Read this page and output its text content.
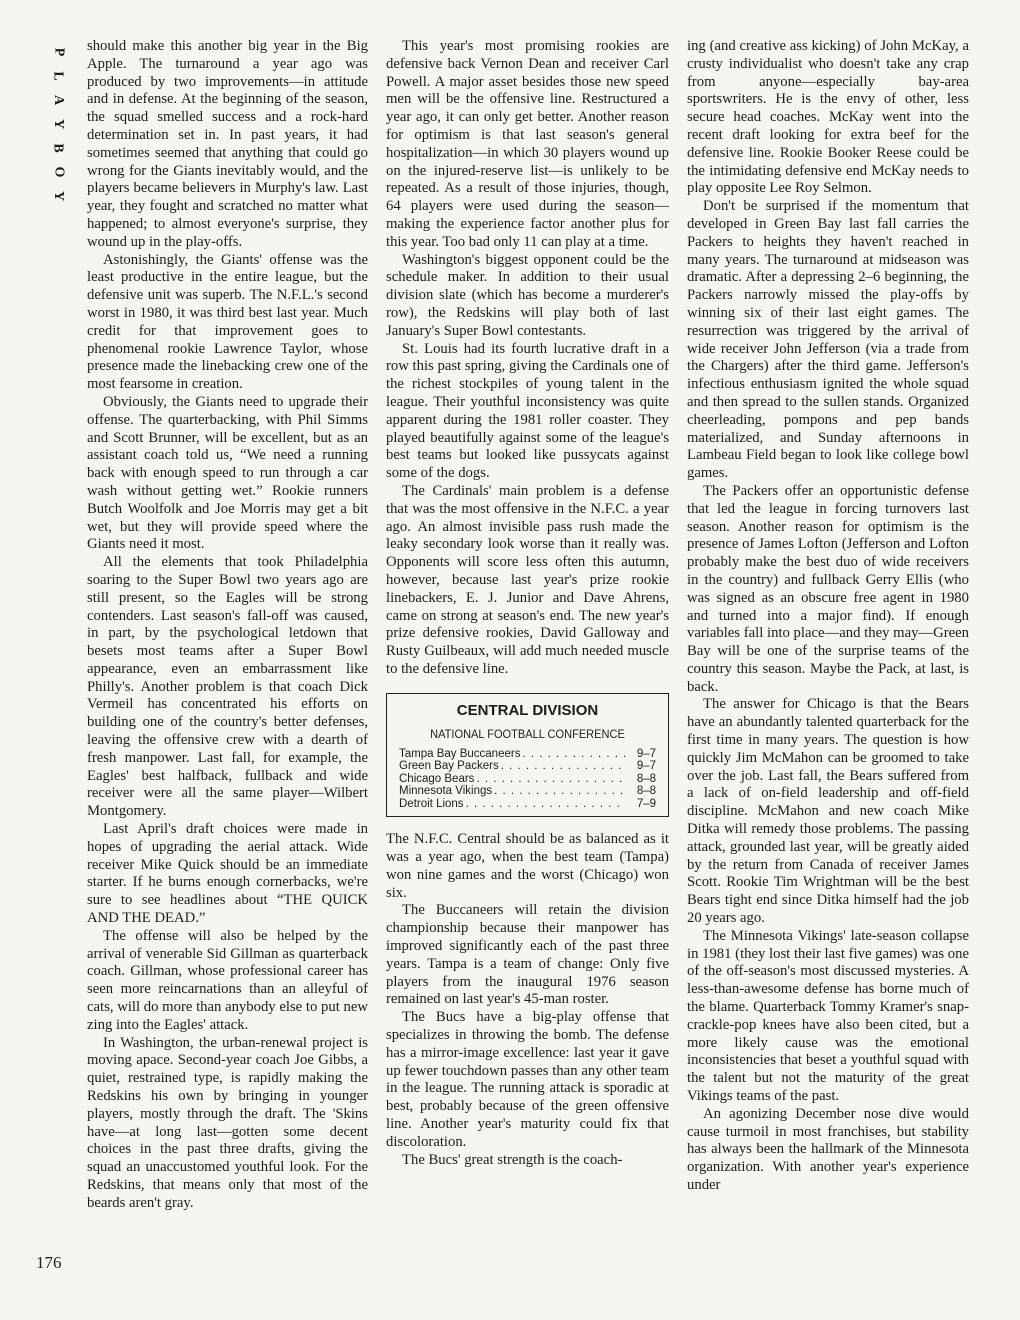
P
L
A
Y
B
O
Y
176

should make this another big year in the Big Apple. The turnaround a year ago was produced by two improvements—in attitude and in defense. At the beginning of the season, the squad smelled success and a rock-hard determination set in. In past years, it had sometimes seemed that anything that could go wrong for the Giants inevitably would, and the players became believers in Murphy's law. Last year, they fought and scratched no matter what happened; to almost everyone's surprise, they wound up in the play-offs.

Astonishingly, the Giants' offense was the least productive in the entire league, but the defensive unit was superb. The N.F.L.'s second worst in 1980, it was third best last year. Much credit for that improvement goes to phenomenal rookie Lawrence Taylor, whose presence made the linebacking crew one of the most fearsome in creation.

Obviously, the Giants need to upgrade their offense. The quarterbacking, with Phil Simms and Scott Brunner, will be excellent, but as an assistant coach told us, “We need a running back with enough speed to run through a car wash without getting wet.” Rookie runners Butch Woolfolk and Joe Morris may get a bit wet, but they will provide speed where the Giants need it most.

All the elements that took Philadelphia soaring to the Super Bowl two years ago are still present, so the Eagles will be strong contenders. Last season's fall-off was caused, in part, by the psychological letdown that besets most teams after a Super Bowl appearance, even an embarrassment like Philly's. Another problem is that coach Dick Vermeil has concentrated his efforts on building one of the country's better defenses, leaving the offensive crew with a dearth of fresh manpower. Last fall, for example, the Eagles' best halfback, fullback and wide receiver were all the same player—Wilbert Montgomery.

Last April's draft choices were made in hopes of upgrading the aerial attack. Wide receiver Mike Quick should be an immediate starter. If he burns enough cornerbacks, we're sure to see headlines about “THE QUICK AND THE DEAD.”

The offense will also be helped by the arrival of venerable Sid Gillman as quarterback coach. Gillman, whose professional career has seen more reincarnations than an alleyful of cats, will do more than anybody else to put new zing into the Eagles' attack.

In Washington, the urban-renewal project is moving apace. Second-year coach Joe Gibbs, a quiet, restrained type, is rapidly making the Redskins his own by bringing in younger players, mostly through the draft. The 'Skins have—at long last—gotten some decent choices in the past three drafts, giving the squad an unaccustomed youthful look. For the Redskins, that means only that most of the beards aren't gray.

This year's most promising rookies are defensive back Vernon Dean and receiver Carl Powell. A major asset besides those new speed men will be the offensive line. Restructured a year ago, it can only get better. Another reason for optimism is that last season's general hospitalization—in which 30 players wound up on the injured-reserve list—is unlikely to be repeated. As a result of those injuries, though, 64 players were used during the season—making the experience factor another plus for this year. Too bad only 11 can play at a time.

Washington's biggest opponent could be the schedule maker. In addition to their usual division slate (which has become a murderer's row), the Redskins will play both of last January's Super Bowl contestants.

St. Louis had its fourth lucrative draft in a row this past spring, giving the Cardinals one of the richest stockpiles of young talent in the league. Their youthful inconsistency was quite apparent during the 1981 roller coaster. They played beautifully against some of the league's best teams but looked like pussycats against some of the dogs.

The Cardinals' main problem is a defense that was the most offensive in the N.F.C. a year ago. An almost invisible pass rush made the leaky secondary look worse than it really was. Opponents will score less often this autumn, however, because last year's prize rookie linebackers, E. J. Junior and Dave Ahrens, came on strong at season's end. The new year's prize defensive rookies, David Galloway and Rusty Guilbeaux, will add much needed muscle to the defensive line.

CENTRAL DIVISION
NATIONAL FOOTBALL CONFERENCE
Tampa Bay Buccaneers . . .	9–7
Green Bay Packers . . .	9–7
Chicago Bears . . .	8–8
Minnesota Vikings . . .	8–8
Detroit Lions . . .	7–9

The N.F.C. Central should be as balanced as it was a year ago, when the best team (Tampa) won nine games and the worst (Chicago) won six.

The Buccaneers will retain the division championship because their manpower has improved significantly each of the past three years. Tampa is a team of change: Only five players from the inaugural 1976 season remained on last year's 45-man roster.

The Bucs have a big-play offense that specializes in throwing the bomb. The defense has a mirror-image excellence: last year it gave up fewer touchdown passes than any other team in the league. The running attack is sporadic at best, probably because of the green offensive line. Another year's maturity could fix that discoloration.

The Bucs' great strength is the coach-

ing (and creative ass kicking) of John McKay, a crusty individualist who doesn't take any crap from anyone—especially bay-area sportswriters. He is the envy of other, less secure head coaches. McKay went into the recent draft looking for extra beef for the defensive line. Rookie Booker Reese could be the intimidating defensive end McKay needs to play opposite Lee Roy Selmon.

Don't be surprised if the momentum that developed in Green Bay last fall carries the Packers to heights they haven't reached in many years. The turnaround at midseason was dramatic. After a depressing 2–6 beginning, the Packers narrowly missed the play-offs by winning six of their last eight games. The resurrection was triggered by the arrival of wide receiver John Jefferson (via a trade from the Chargers) after the third game. Jefferson's infectious enthusiasm ignited the whole squad and then spread to the sullen stands. Organized cheerleading, pompons and pep bands materialized, and Sunday afternoons in Lambeau Field began to look like college bowl games.

The Packers offer an opportunistic defense that led the league in forcing turnovers last season. Another reason for optimism is the presence of James Lofton (Jefferson and Lofton probably make the best duo of wide receivers in the country) and fullback Gerry Ellis (who was signed as an obscure free agent in 1980 and turned into a major find). If enough variables fall into place—and they may—Green Bay will be one of the surprise teams of the country this season. Maybe the Pack, at last, is back.

The answer for Chicago is that the Bears have an abundantly talented quarterback for the first time in many years. The question is how quickly Jim McMahon can be groomed to take over the job. Last fall, the Bears suffered from a lack of on-field leadership and off-field discipline. McMahon and new coach Mike Ditka will remedy those problems. The passing attack, grounded last year, will be greatly aided by the return from Canada of receiver James Scott. Rookie Tim Wrightman will be the best Bears tight end since Ditka himself had the job 20 years ago.

The Minnesota Vikings' late-season collapse in 1981 (they lost their last five games) was one of the off-season's most discussed mysteries. A less-than-awesome defense has borne much of the blame. Quarterback Tommy Kramer's snap-crackle-pop knees have also been cited, but a more likely cause was the emotional inconsistencies that beset a youthful squad with the talent but not the maturity of the great Vikings teams of the past.

An agonizing December nose dive would cause turmoil in most franchises, but stability has always been the hallmark of the Minnesota organization. With another year's experience under
